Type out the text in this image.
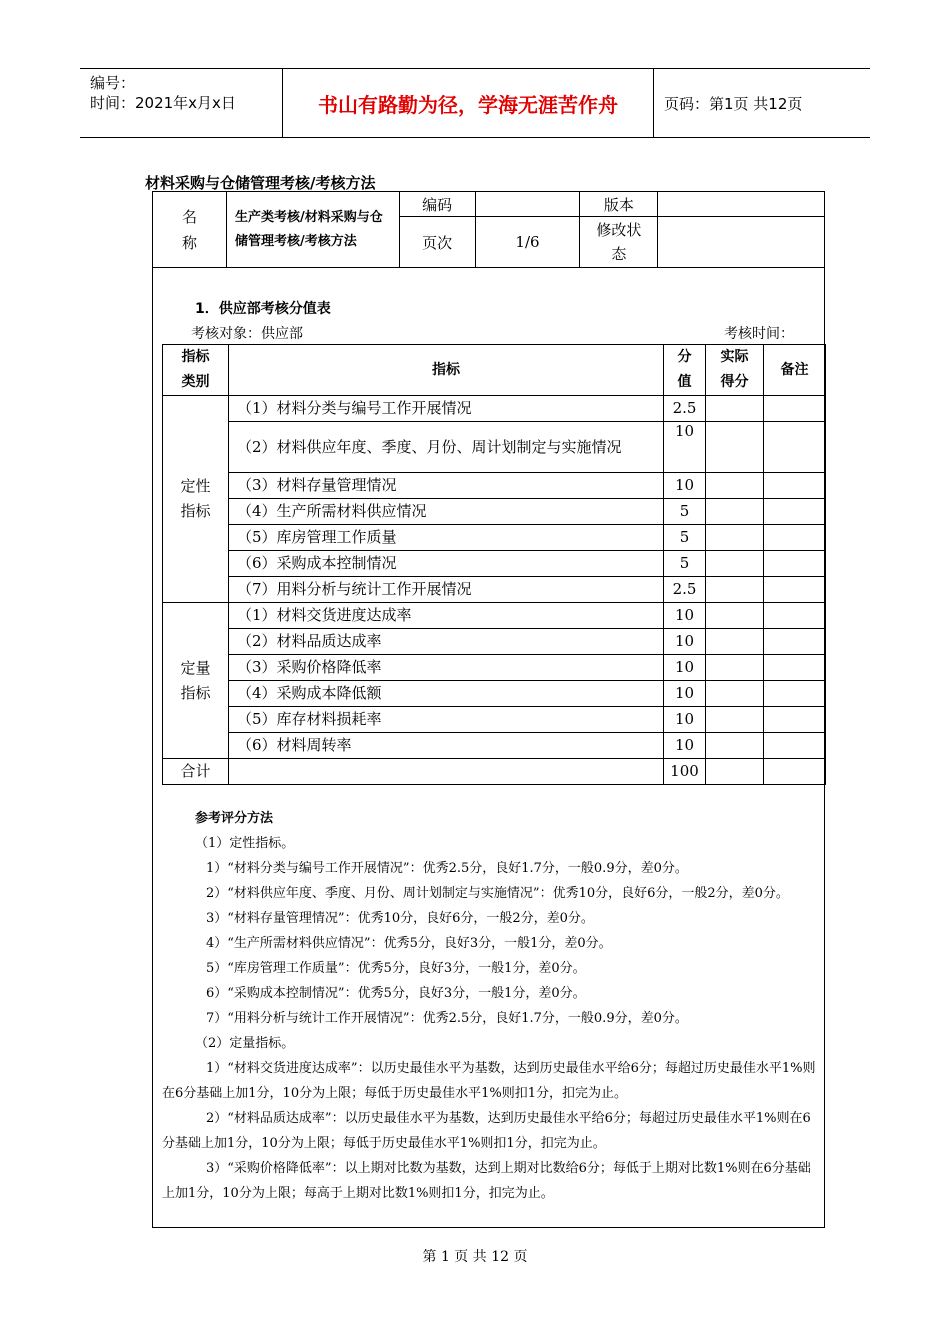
编号：
时间：2021年x月x日	书山有路勤为径，学海无涯苦作舟	页码：第1页 共12页
材料采购与仓储管理考核/考核方法
名称	生产类考核/材料采购与仓储管理考核/考核方法	编码		版本	
		页次	1/6	修改状态	
1．供应部考核分值表
考核对象：供应部	考核时间：
指标类别	指标	分值	实际得分	备注
定性指标	（1）材料分类与编号工作开展情况	2.5		
	（2）材料供应年度、季度、月份、周计划制定与实施情况	10		
	（3）材料存量管理情况	10		
	（4）生产所需材料供应情况	5		
	（5）库房管理工作质量	5		
	（6）采购成本控制情况	5		
	（7）用料分析与统计工作开展情况	2.5		
定量指标	（1）材料交货进度达成率	10		
	（2）材料品质达成率	10		
	（3）采购价格降低率	10		
	（4）采购成本降低额	10		
	（5）库存材料损耗率	10		
	（6）材料周转率	10		
合计		100		

参考评分方法

（1）定性指标。

1）“材料分类与编号工作开展情况”：优秀2.5分，良好1.7分，一般0.9分，差0分。

2）“材料供应年度、季度、月份、周计划制定与实施情况”：优秀10分，良好6分，一般2分，差0分。

3）“材料存量管理情况”：优秀10分，良好6分，一般2分，差0分。

4）“生产所需材料供应情况”：优秀5分，良好3分，一般1分，差0分。

5）“库房管理工作质量”：优秀5分，良好3分，一般1分，差0分。

6）“采购成本控制情况”：优秀5分，良好3分，一般1分，差0分。

7）“用料分析与统计工作开展情况”：优秀2.5分，良好1.7分，一般0.9分，差0分。

（2）定量指标。

1）“材料交货进度达成率”：以历史最佳水平为基数，达到历史最佳水平给6分；每超过历史最佳水平1%则在6分基础上加1分，10分为上限；每低于历史最佳水平1%则扣1分，扣完为止。

2）“材料品质达成率”：以历史最佳水平为基数，达到历史最佳水平给6分；每超过历史最佳水平1%则在6分基础上加1分，10分为上限；每低于历史最佳水平1%则扣1分，扣完为止。

3）“采购价格降低率”：以上期对比数为基数，达到上期对比数给6分；每低于上期对比数1%则在6分基础上加1分，10分为上限；每高于上期对比数1%则扣1分，扣完为止。

第 1 页 共 12 页
